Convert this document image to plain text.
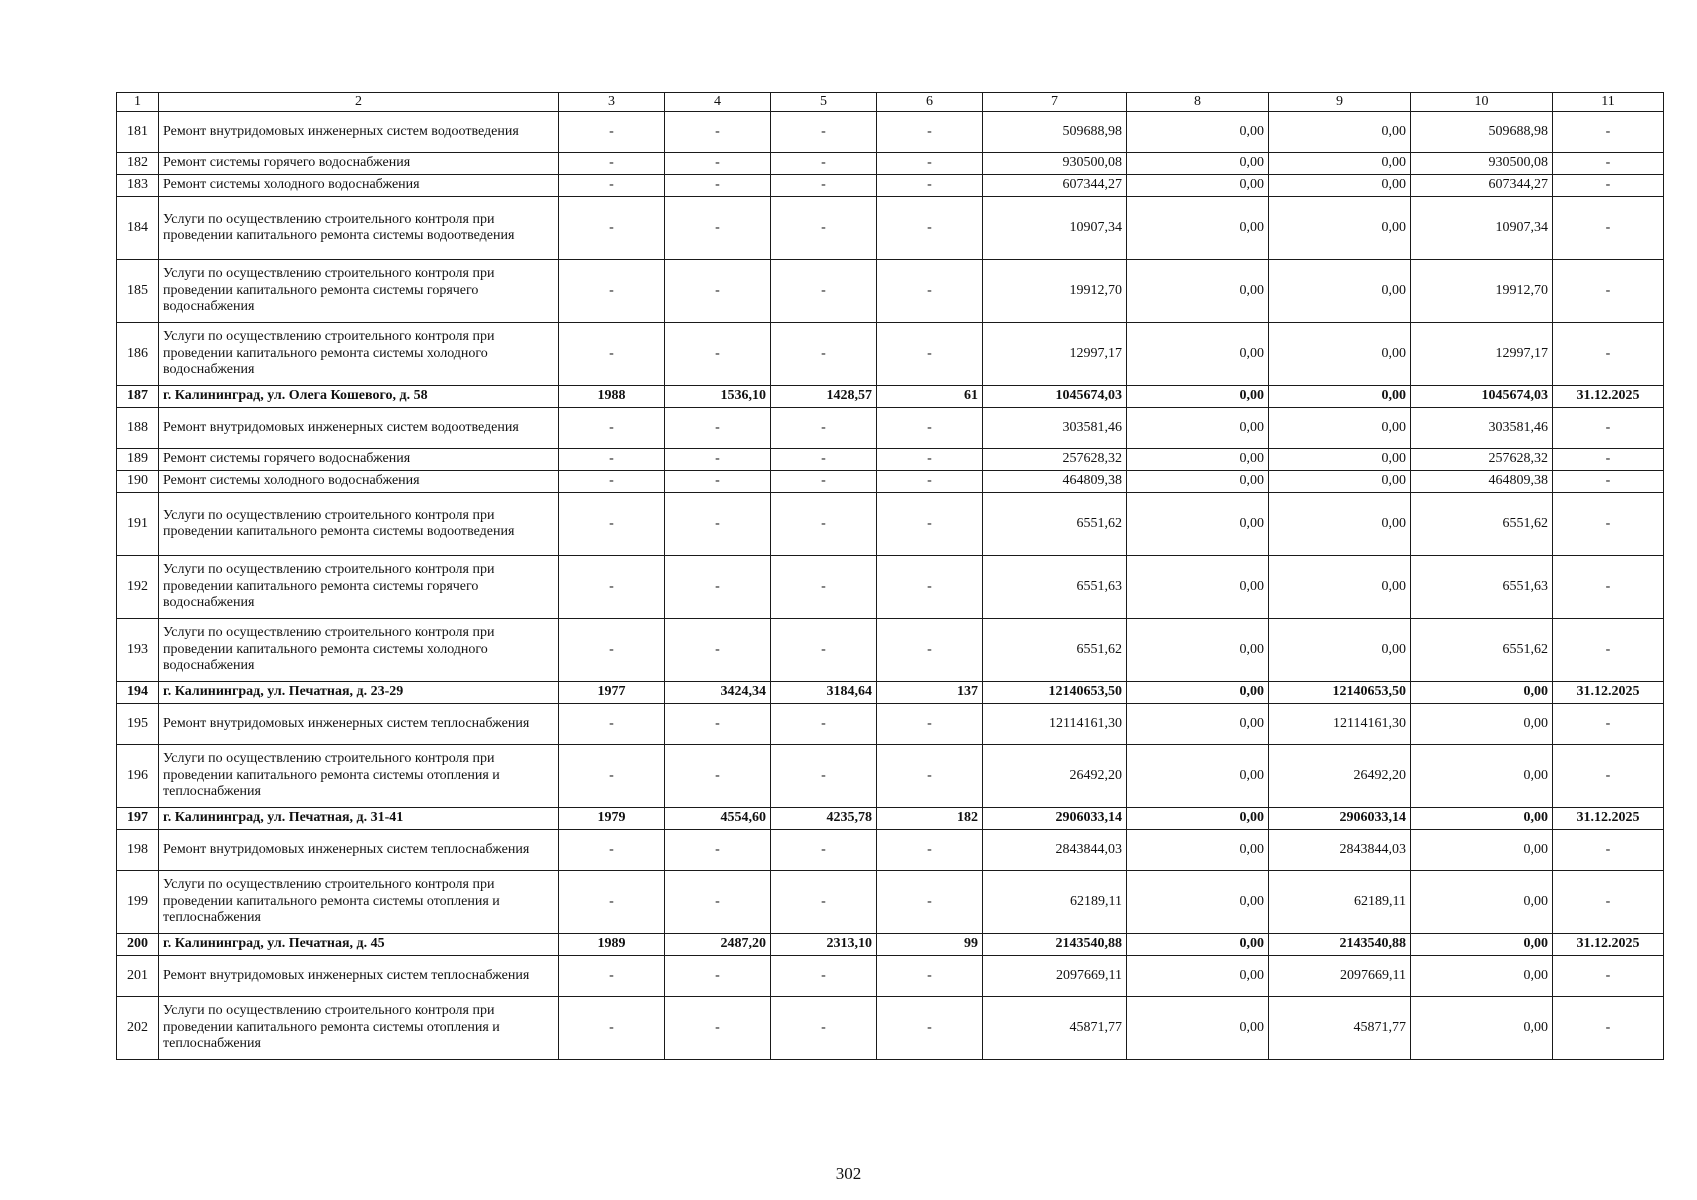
1	2	3	4	5	6	7	8	9	10	11
181	Ремонт внутридомовых инженерных систем водоотведения	-	-	-	-	509688,98	0,00	0,00	509688,98	-
182	Ремонт системы горячего водоснабжения	-	-	-	-	930500,08	0,00	0,00	930500,08	-
183	Ремонт системы холодного водоснабжения	-	-	-	-	607344,27	0,00	0,00	607344,27	-
184	Услуги по осуществлению строительного контроля при проведении капитального ремонта системы водоотведения	-	-	-	-	10907,34	0,00	0,00	10907,34	-
185	Услуги по осуществлению строительного контроля при проведении капитального ремонта системы горячего водоснабжения	-	-	-	-	19912,70	0,00	0,00	19912,70	-
186	Услуги по осуществлению строительного контроля при проведении капитального ремонта системы холодного водоснабжения	-	-	-	-	12997,17	0,00	0,00	12997,17	-
187	г. Калининград, ул. Олега Кошевого, д. 58	1988	1536,10	1428,57	61	1045674,03	0,00	0,00	1045674,03	31.12.2025
188	Ремонт внутридомовых инженерных систем водоотведения	-	-	-	-	303581,46	0,00	0,00	303581,46	-
189	Ремонт системы горячего водоснабжения	-	-	-	-	257628,32	0,00	0,00	257628,32	-
190	Ремонт системы холодного водоснабжения	-	-	-	-	464809,38	0,00	0,00	464809,38	-
191	Услуги по осуществлению строительного контроля при проведении капитального ремонта системы водоотведения	-	-	-	-	6551,62	0,00	0,00	6551,62	-
192	Услуги по осуществлению строительного контроля при проведении капитального ремонта системы горячего водоснабжения	-	-	-	-	6551,63	0,00	0,00	6551,63	-
193	Услуги по осуществлению строительного контроля при проведении капитального ремонта системы холодного водоснабжения	-	-	-	-	6551,62	0,00	0,00	6551,62	-
194	г. Калининград, ул. Печатная, д. 23-29	1977	3424,34	3184,64	137	12140653,50	0,00	12140653,50	0,00	31.12.2025
195	Ремонт внутридомовых инженерных систем теплоснабжения	-	-	-	-	12114161,30	0,00	12114161,30	0,00	-
196	Услуги по осуществлению строительного контроля при проведении капитального ремонта системы отопления и теплоснабжения	-	-	-	-	26492,20	0,00	26492,20	0,00	-
197	г. Калининград, ул. Печатная, д. 31-41	1979	4554,60	4235,78	182	2906033,14	0,00	2906033,14	0,00	31.12.2025
198	Ремонт внутридомовых инженерных систем теплоснабжения	-	-	-	-	2843844,03	0,00	2843844,03	0,00	-
199	Услуги по осуществлению строительного контроля при проведении капитального ремонта системы отопления и теплоснабжения	-	-	-	-	62189,11	0,00	62189,11	0,00	-
200	г. Калининград, ул. Печатная, д. 45	1989	2487,20	2313,10	99	2143540,88	0,00	2143540,88	0,00	31.12.2025
201	Ремонт внутридомовых инженерных систем теплоснабжения	-	-	-	-	2097669,11	0,00	2097669,11	0,00	-
202	Услуги по осуществлению строительного контроля при проведении капитального ремонта системы отопления и теплоснабжения	-	-	-	-	45871,77	0,00	45871,77	0,00	-
302
